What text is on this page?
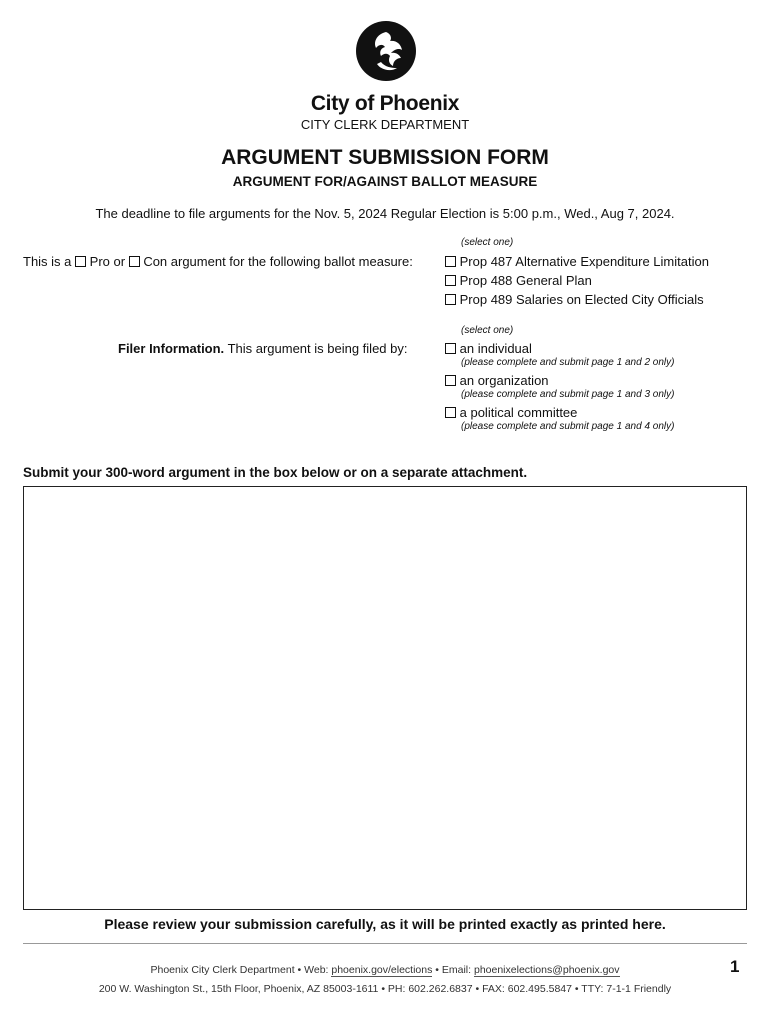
City of Phoenix
CITY CLERK DEPARTMENT
ARGUMENT SUBMISSION FORM
ARGUMENT FOR/AGAINST BALLOT MEASURE
The deadline to file arguments for the Nov. 5, 2024 Regular Election is 5:00 p.m., Wed., Aug 7, 2024.
(select one)
This is a Pro or Con argument for the following ballot measure:	Prop 487 Alternative Expenditure Limitation
Prop 488 General Plan
Prop 489 Salaries on Elected City Officials
(select one)
Filer Information. This argument is being filed by:	an individual
(please complete and submit page 1 and 2 only)
an organization
(please complete and submit page 1 and 3 only)
a political committee
(please complete and submit page 1 and 4 only)
Submit your 300-word argument in the box below or on a separate attachment.
Please review your submission carefully, as it will be printed exactly as printed here.
Phoenix City Clerk Department • Web: phoenix.gov/elections • Email: phoenixelections@phoenix.gov
200 W. Washington St., 15th Floor, Phoenix, AZ 85003-1611 • PH: 602.262.6837 • FAX: 602.495.5847 • TTY: 7-1-1 Friendly
1
